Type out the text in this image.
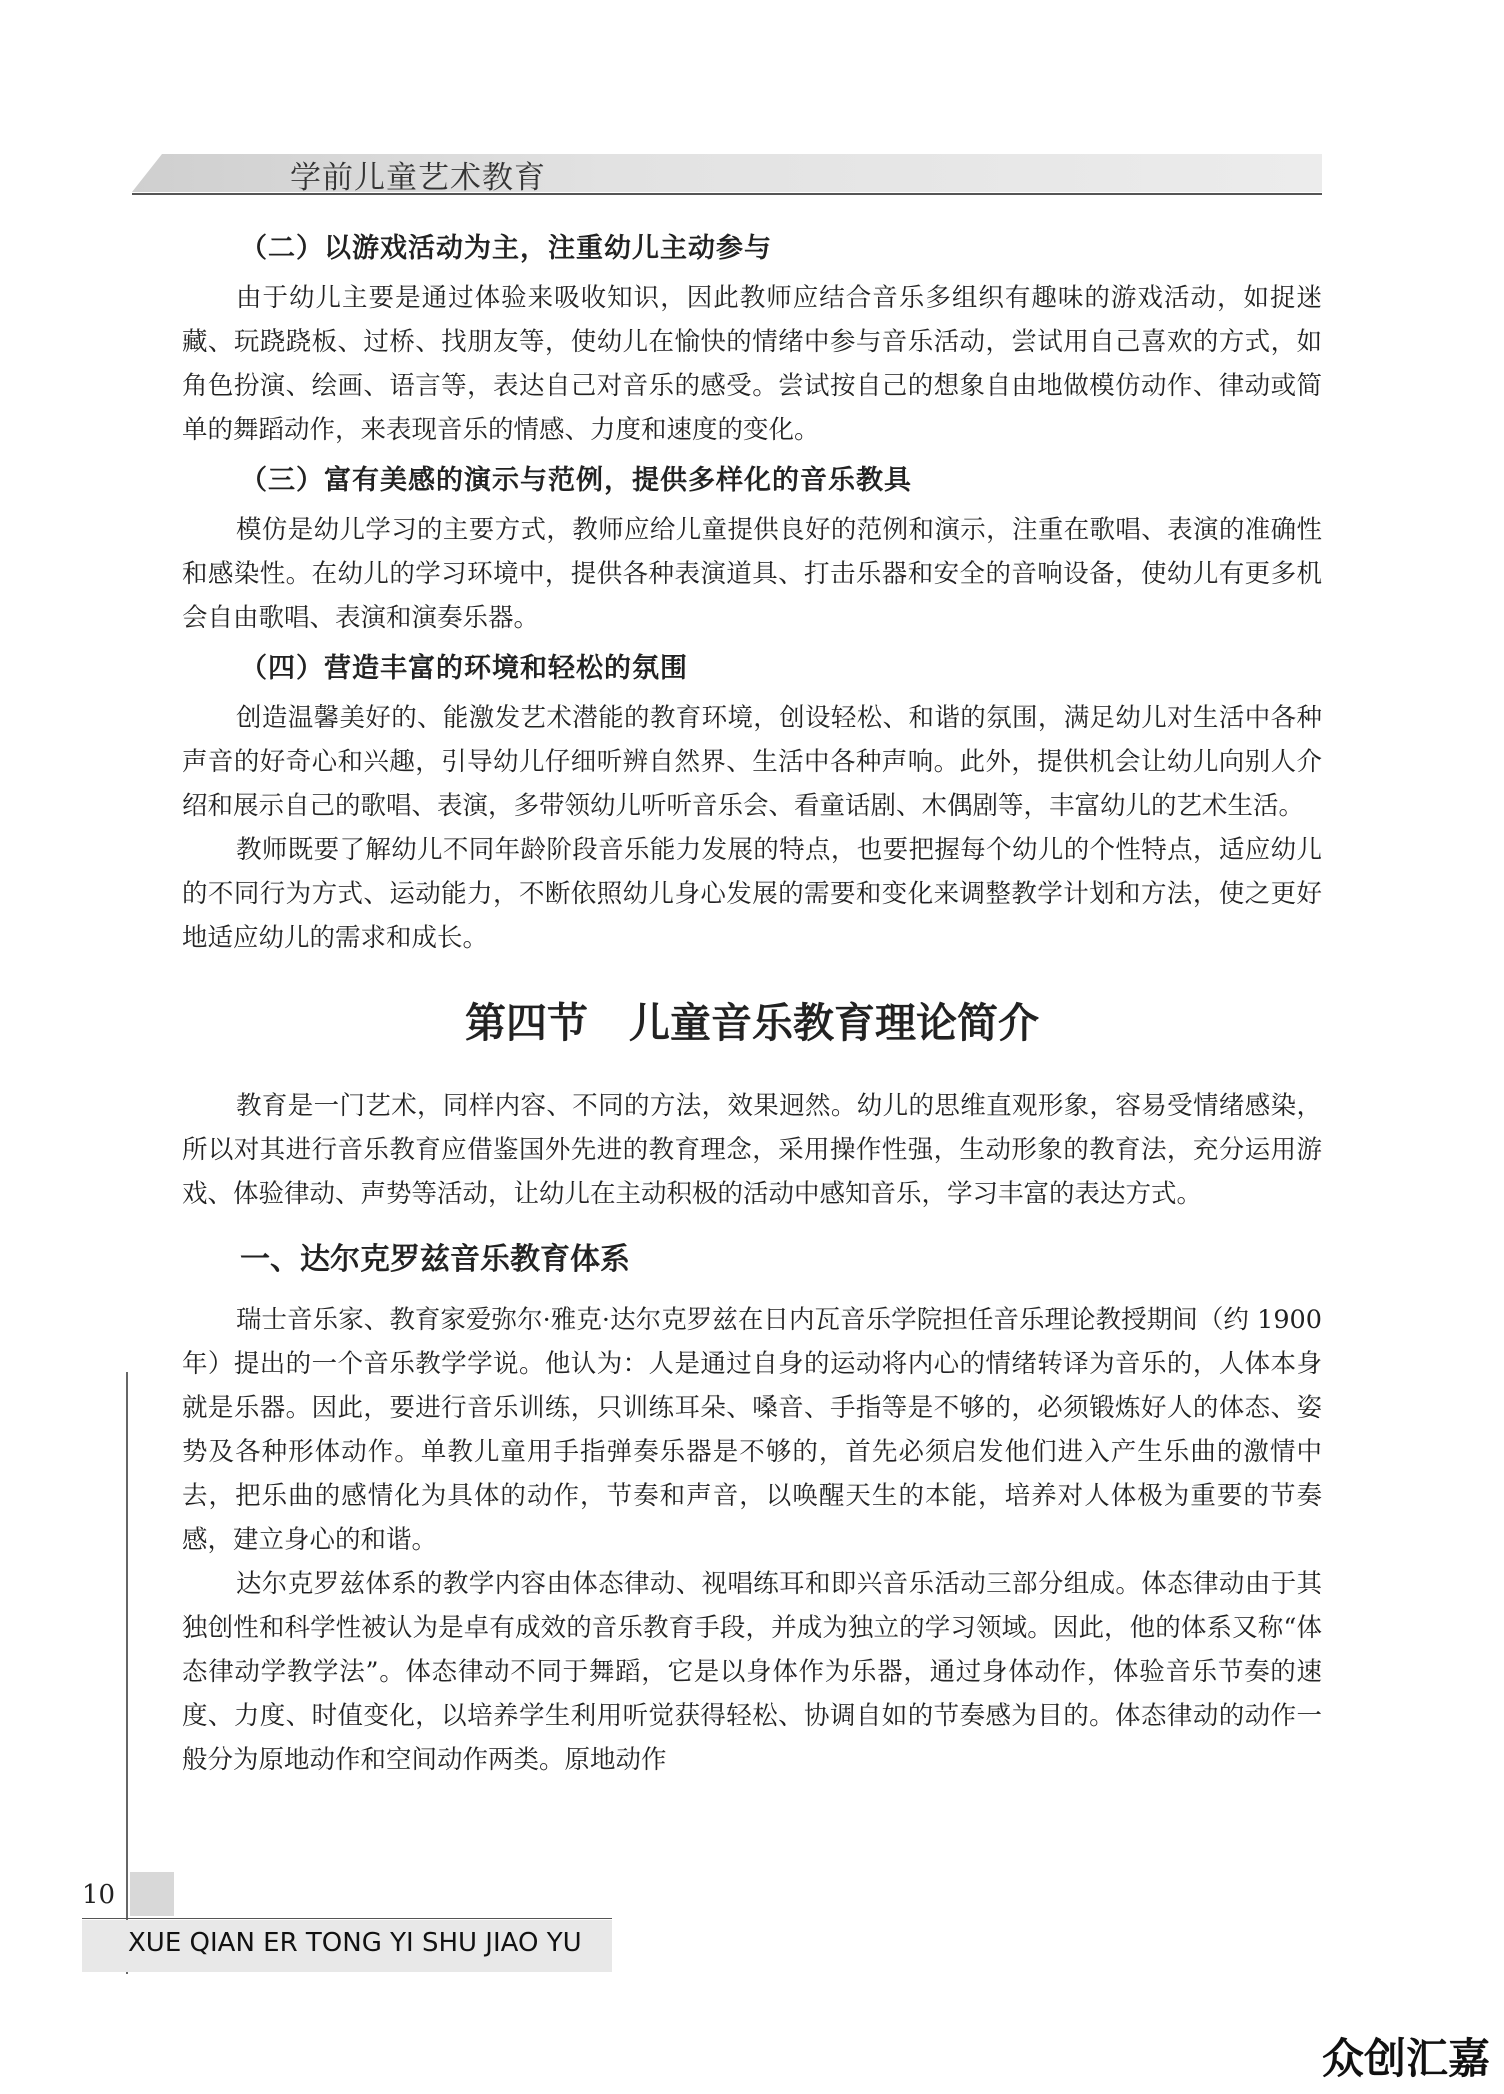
学前儿童艺术教育
（二）以游戏活动为主，注重幼儿主动参与

由于幼儿主要是通过体验来吸收知识，因此教师应结合音乐多组织有趣味的游戏活动，如捉迷藏、玩跷跷板、过桥、找朋友等，使幼儿在愉快的情绪中参与音乐活动，尝试用自己喜欢的方式，如角色扮演、绘画、语言等，表达自己对音乐的感受。尝试按自己的想象自由地做模仿动作、律动或简单的舞蹈动作，来表现音乐的情感、力度和速度的变化。

（三）富有美感的演示与范例，提供多样化的音乐教具

模仿是幼儿学习的主要方式，教师应给儿童提供良好的范例和演示，注重在歌唱、表演的准确性和感染性。在幼儿的学习环境中，提供各种表演道具、打击乐器和安全的音响设备，使幼儿有更多机会自由歌唱、表演和演奏乐器。

（四）营造丰富的环境和轻松的氛围

创造温馨美好的、能激发艺术潜能的教育环境，创设轻松、和谐的氛围，满足幼儿对生活中各种声音的好奇心和兴趣，引导幼儿仔细听辨自然界、生活中各种声响。此外，提供机会让幼儿向别人介绍和展示自己的歌唱、表演，多带领幼儿听听音乐会、看童话剧、木偶剧等，丰富幼儿的艺术生活。

教师既要了解幼儿不同年龄阶段音乐能力发展的特点，也要把握每个幼儿的个性特点，适应幼儿的不同行为方式、运动能力，不断依照幼儿身心发展的需要和变化来调整教学计划和方法，使之更好地适应幼儿的需求和成长。

第四节　儿童音乐教育理论简介

教育是一门艺术，同样内容、不同的方法，效果迥然。幼儿的思维直观形象，容易受情绪感染，所以对其进行音乐教育应借鉴国外先进的教育理念，采用操作性强，生动形象的教育法，充分运用游戏、体验律动、声势等活动，让幼儿在主动积极的活动中感知音乐，学习丰富的表达方式。

一、达尔克罗兹音乐教育体系

瑞士音乐家、教育家爱弥尔·雅克·达尔克罗兹在日内瓦音乐学院担任音乐理论教授期间（约 1900 年）提出的一个音乐教学学说。他认为：人是通过自身的运动将内心的情绪转译为音乐的，人体本身就是乐器。因此，要进行音乐训练，只训练耳朵、嗓音、手指等是不够的，必须锻炼好人的体态、姿势及各种形体动作。单教儿童用手指弹奏乐器是不够的，首先必须启发他们进入产生乐曲的激情中去，把乐曲的感情化为具体的动作，节奏和声音，以唤醒天生的本能，培养对人体极为重要的节奏感，建立身心的和谐。

达尔克罗兹体系的教学内容由体态律动、视唱练耳和即兴音乐活动三部分组成。体态律动由于其独创性和科学性被认为是卓有成效的音乐教育手段，并成为独立的学习领域。因此，他的体系又称“体态律动学教学法”。体态律动不同于舞蹈，它是以身体作为乐器，通过身体动作，体验音乐节奏的速度、力度、时值变化，以培养学生利用听觉获得轻松、协调自如的节奏感为目的。体态律动的动作一般分为原地动作和空间动作两类。原地动作

10
XUE QIAN ER TONG YI SHU JIAO YU
众创汇嘉
